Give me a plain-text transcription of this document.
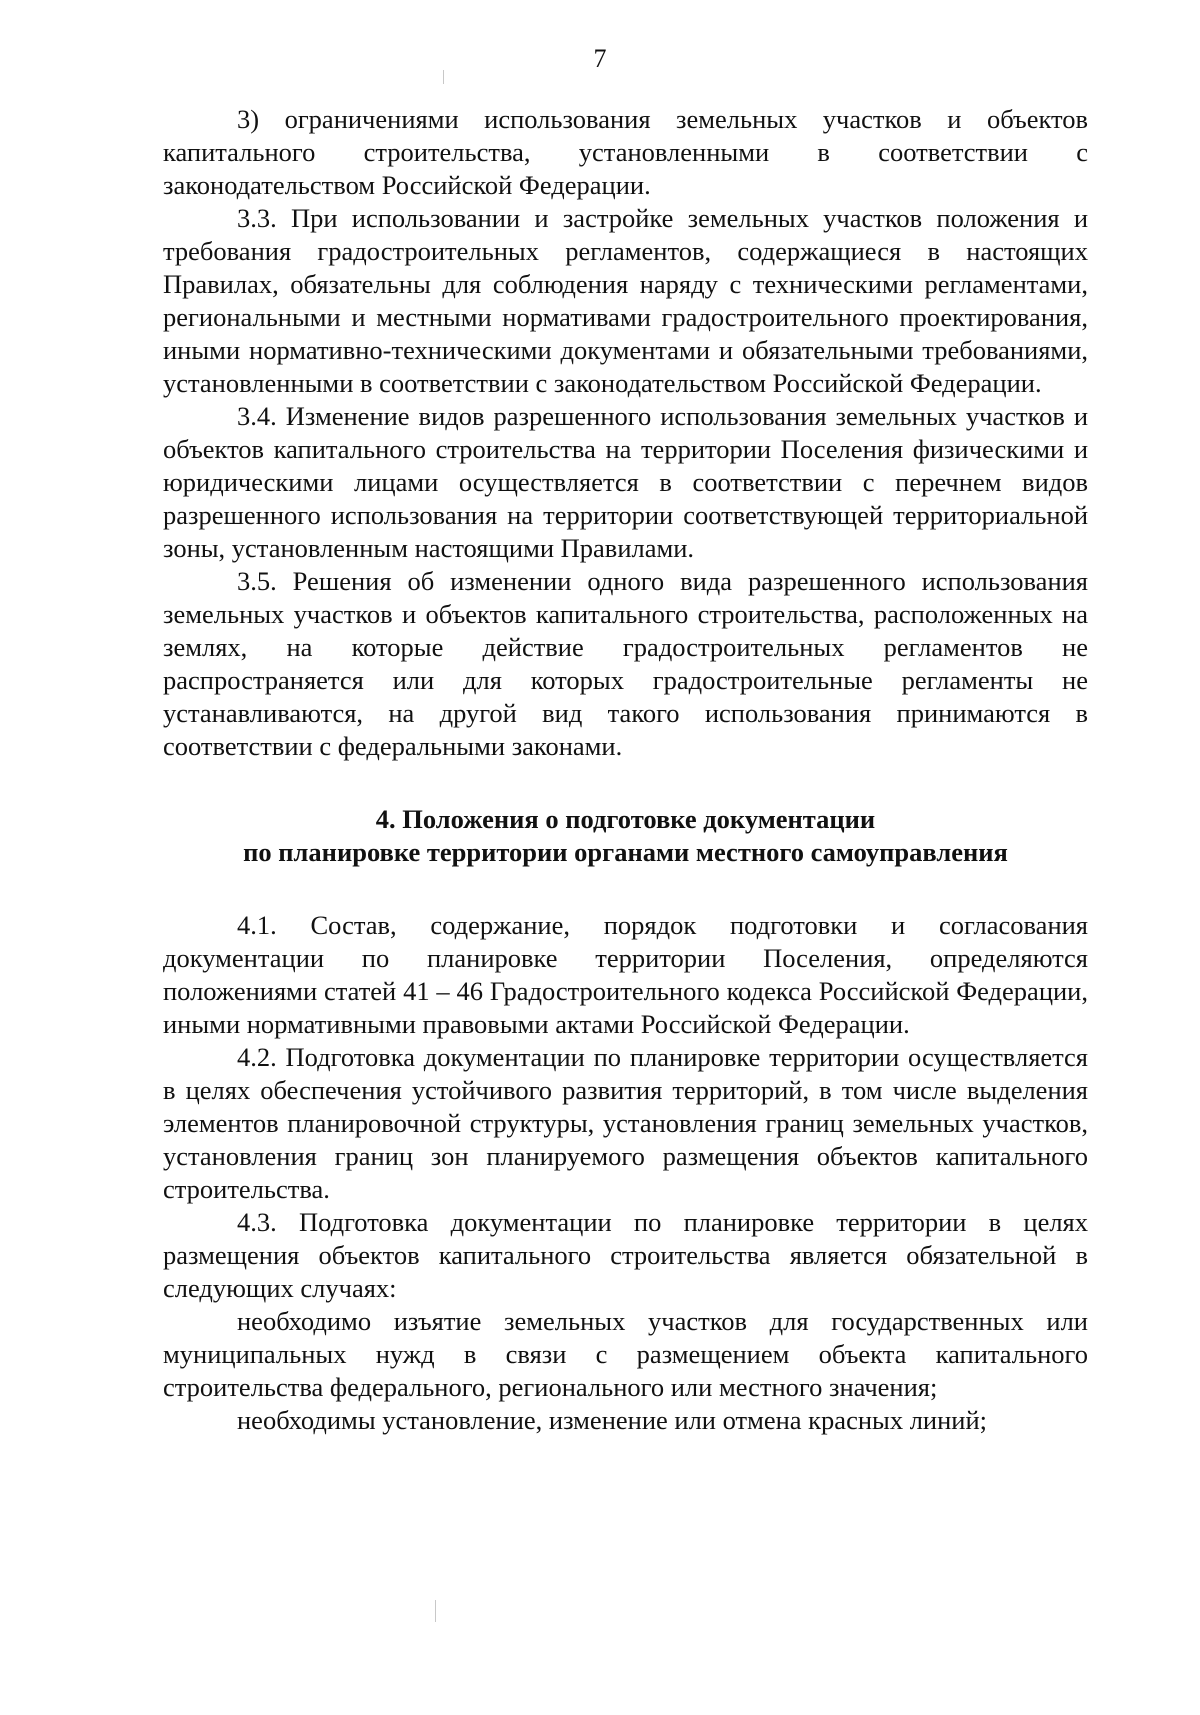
7

3) ограничениями использования земельных участков и объектов капитального строительства, установленными в соответствии с законодательством Российской Федерации.

3.3. При использовании и застройке земельных участков положения и требования градостроительных регламентов, содержащиеся в настоящих Правилах, обязательны для соблюдения наряду с техническими регламентами, региональными и местными нормативами градостроительного проектирования, иными нормативно-техническими документами и обязательными требованиями, установленными в соответствии с законодательством Российской Федерации.

3.4. Изменение видов разрешенного использования земельных участков и объектов капитального строительства на территории Поселения физическими и юридическими лицами осуществляется в соответствии с перечнем видов разрешенного использования на территории соответствующей территориальной зоны, установленным настоящими Правилами.

3.5. Решения об изменении одного вида разрешенного использования земельных участков и объектов капитального строительства, расположенных на землях, на которые действие градостроительных регламентов не распространяется или для которых градостроительные регламенты не устанавливаются, на другой вид такого использования принимаются в соответствии с федеральными законами.

4. Положения о подготовке документации
по планировке территории органами местного самоуправления

4.1. Состав, содержание, порядок подготовки и согласования документации по планировке территории Поселения, определяются положениями статей 41 – 46 Градостроительного кодекса Российской Федерации, иными нормативными правовыми актами Российской Федерации.

4.2. Подготовка документации по планировке территории осуществляется в целях обеспечения устойчивого развития территорий, в том числе выделения элементов планировочной структуры, установления границ земельных участков, установления границ зон планируемого размещения объектов капитального строительства.

4.3. Подготовка документации по планировке территории в целях размещения объектов капитального строительства является обязательной в следующих случаях:

необходимо изъятие земельных участков для государственных или муниципальных нужд в связи с размещением объекта капитального строительства федерального, регионального или местного значения;

необходимы установление, изменение или отмена красных линий;
